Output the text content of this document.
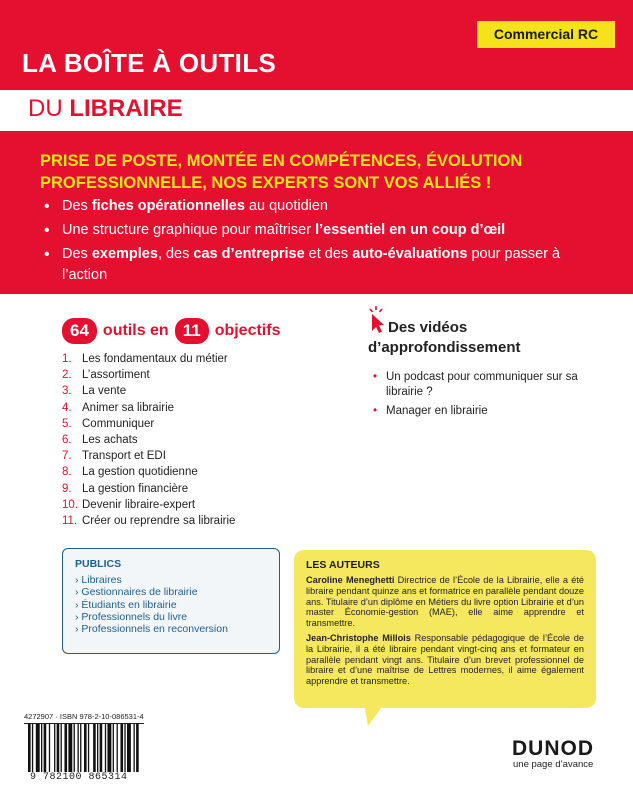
Commercial RC
LA BOÎTE À OUTILS
DU LIBRAIRE
PRISE DE POSTE, MONTÉE EN COMPÉTENCES, ÉVOLUTION PROFESSIONNELLE, NOS EXPERTS SONT VOS ALLIÉS !
• Des fiches opérationnelles au quotidien
• Une structure graphique pour maîtriser l’essentiel en un coup d’œil
• Des exemples, des cas d’entreprise et des auto-évaluations pour passer à l’action
64 outils en 11 objectifs
1. Les fondamentaux du métier
2. L’assortiment
3. La vente
4. Animer sa librairie
5. Communiquer
6. Les achats
7. Transport et EDI
8. La gestion quotidienne
9. La gestion financière
10. Devenir libraire-expert
11. Créer ou reprendre sa librairie
Des vidéos
d’approfondissement
• Un podcast pour communiquer sur sa librairie ?
• Manager en librairie
PUBLICS
› Libraires
› Gestionnaires de librairie
› Étudiants en librairie
› Professionnels du livre
› Professionnels en reconversion
LES AUTEURS

Caroline Meneghetti Directrice de l’École de la Librairie, elle a été libraire pendant quinze ans et formatrice en parallèle pendant douze ans. Titulaire d’un diplôme en Métiers du livre option Librairie et d’un master Économie-gestion (MAE), elle aime apprendre et transmettre.

Jean-Christophe Millois Responsable pédagogique de l’École de la Librairie, il a été libraire pendant vingt-cinq ans et formateur en parallèle pendant vingt ans. Titulaire d’un brevet professionnel de libraire et d’une maîtrise de Lettres modernes, il aime également apprendre et transmettre.

4272907 · ISBN 978-2-10-086531-4
9 782100 865314
DUNOD
une page d’avance
